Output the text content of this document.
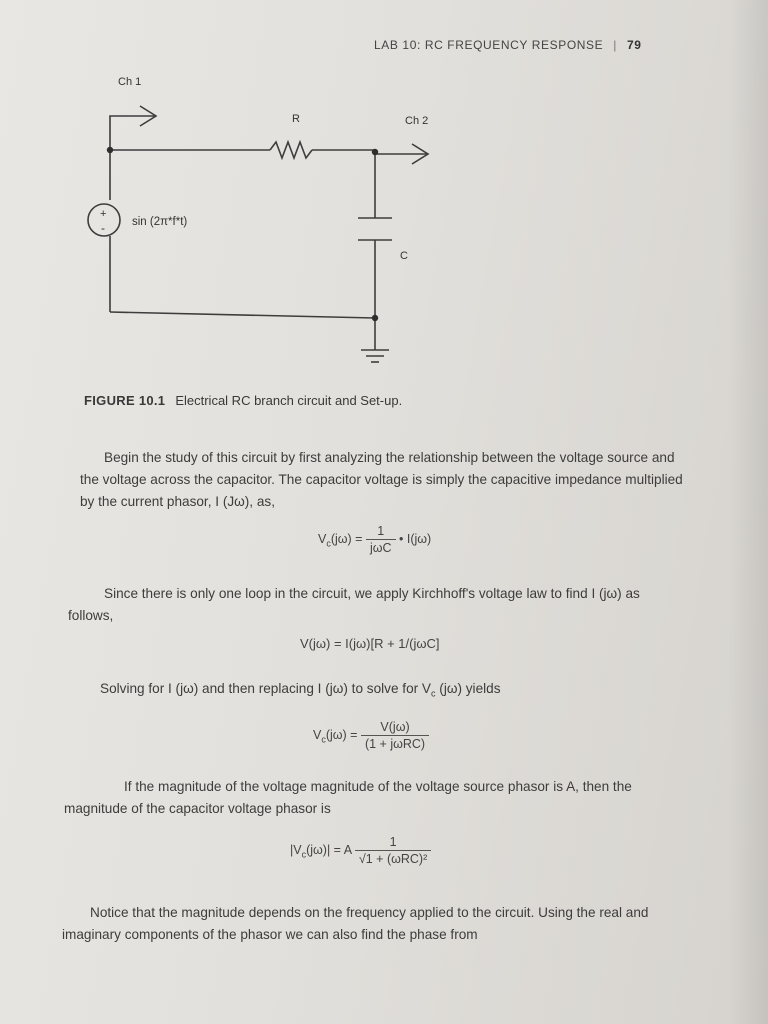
LAB 10: RC FREQUENCY RESPONSE | 79
Ch 1
R	Ch 2
C
sin (2π*f*t)
+
-
FIGURE 10.1 Electrical RC branch circuit and Set-up.
Begin the study of this circuit by first analyzing the relationship between the voltage source and the voltage across the capacitor. The capacitor voltage is simply the capacitive impedance multiplied by the current phasor, I (Jω), as,
$V_c(j\omega) = \frac{1}{\text{jωC}}$ • I(jω)
Since there is only one loop in the circuit, we apply Kirchhoff's voltage law to find I (jω) as follows,
V(jω) = I(jω)[R + 1/(jωC]
Solving for I (jω) and then replacing I (jω) to solve for $V_c$ (jω) yields
$V_c(j\omega) = \frac{V(j\omega)}{\text{(1 + jωRC)}}$
If the magnitude of the voltage magnitude of the voltage source phasor is A, then the magnitude of the capacitor voltage phasor is
$|V_c(j\omega)| = A \frac{1}{\text{√1 + (ωRC)²}}$
Notice that the magnitude depends on the frequency applied to the circuit. Using the real and imaginary components of the phasor we can also find the phase from
